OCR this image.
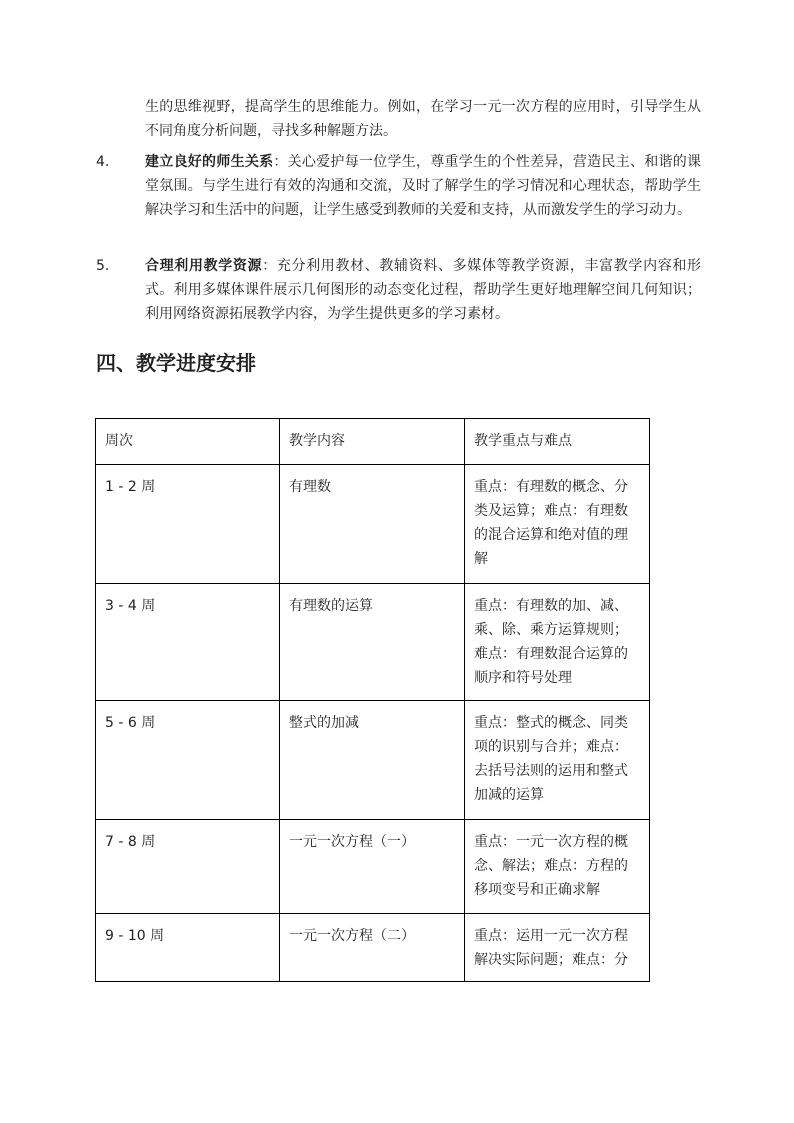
生的思维视野，提高学生的思维能力。例如，在学习一元一次方程的应用时，引导学生从不同角度分析问题，寻找多种解题方法。

4.	建立良好的师生关系：关心爱护每一位学生，尊重学生的个性差异，营造民主、和谐的课堂氛围。与学生进行有效的沟通和交流，及时了解学生的学习情况和心理状态，帮助学生解决学习和生活中的问题，让学生感受到教师的关爱和支持，从而激发学生的学习动力。

5.	合理利用教学资源：充分利用教材、教辅资料、多媒体等教学资源，丰富教学内容和形式。利用多媒体课件展示几何图形的动态变化过程，帮助学生更好地理解空间几何知识；利用网络资源拓展教学内容，为学生提供更多的学习素材。

四、教学进度安排
周次	教学内容	教学重点与难点
1 - 2 周	有理数	重点：有理数的概念、分类及运算；难点：有理数的混合运算和绝对值的理解
3 - 4 周	有理数的运算	重点：有理数的加、减、乘、除、乘方运算规则；难点：有理数混合运算的顺序和符号处理
5 - 6 周	整式的加减	重点：整式的概念、同类项的识别与合并；难点：去括号法则的运用和整式加减的运算
7 - 8 周	一元一次方程（一）	重点：一元一次方程的概念、解法；难点：方程的移项变号和正确求解
9 - 10 周	一元一次方程（二）	重点：运用一元一次方程解决实际问题；难点：分
